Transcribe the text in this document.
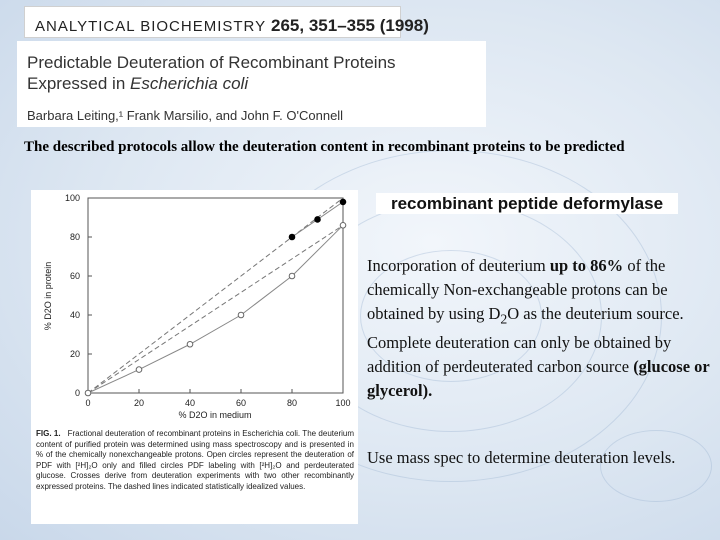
ANALYTICAL BIOCHEMISTRY 265, 351–355 (1998)
Predictable Deuteration of Recombinant Proteins
Expressed in Escherichia coli
Barbara Leiting,¹ Frank Marsilio, and John F. O'Connell
The described protocols allow the deuteration content in recombinant proteins to be predicted
0	20	40	60	80	100
0
20
40
60
80
100
% D2O in medium
% D2O in protein
FIG. 1. Fractional deuteration of recombinant proteins in Escherichia coli. The deuterium content of purified protein was determined using mass spectroscopy and is presented in % of the chemically nonexchangeable protons. Open circles represent the deuteration of PDF with [²H]₂O only and filled circles PDF labeling with [²H]₂O and perdeuterated glucose. Crosses derive from deuteration experiments with two other recombinantly expressed proteins. The dashed lines indicated statistically idealized values.
recombinant peptide deformylase
Incorporation of deuterium up to 86% of the chemically Non-exchangeable protons can be obtained by using $D_2O$ as the deuterium source. Complete deuteration can only be obtained by addition of perdeuterated carbon source (glucose or glycerol).
Use mass spec to determine deuteration levels.
